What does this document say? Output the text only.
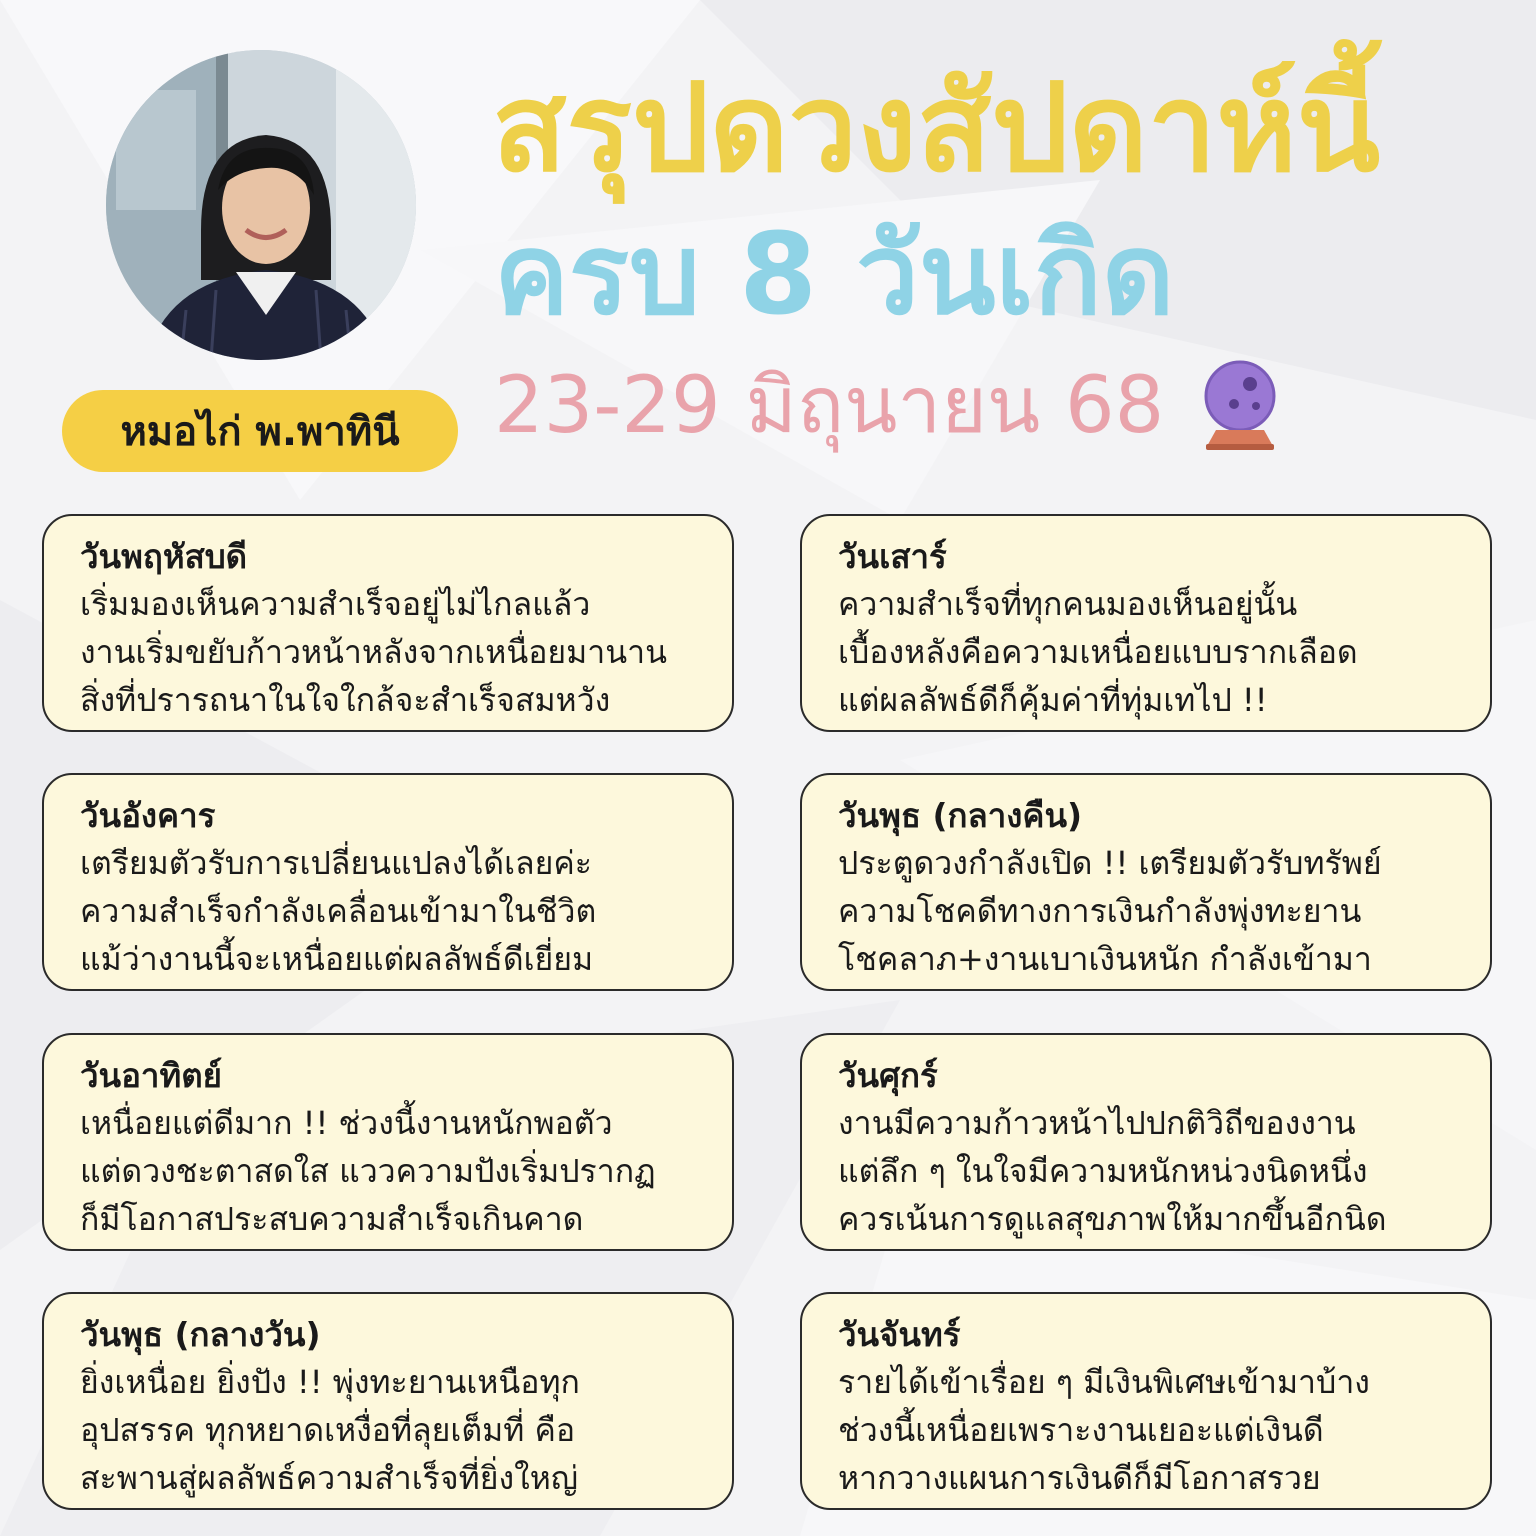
หมอไก่ พ.พาทินี
สรุปดวงสัปดาห์นี้
ครบ 8 วันเกิด
23-29 มิถุนายน 68
วันพฤหัสบดี
เริ่มมองเห็นความสำเร็จอยู่ไม่ไกลแล้ว
งานเริ่มขยับก้าวหน้าหลังจากเหนื่อยมานาน
สิ่งที่ปรารถนาในใจใกล้จะสำเร็จสมหวัง
วันเสาร์
ความสำเร็จที่ทุกคนมองเห็นอยู่นั้น
เบื้องหลังคือความเหนื่อยแบบรากเลือด
แต่ผลลัพธ์ดีก็คุ้มค่าที่ทุ่มเทไป !!
วันอังคาร
เตรียมตัวรับการเปลี่ยนแปลงได้เลยค่ะ
ความสำเร็จกำลังเคลื่อนเข้ามาในชีวิต
แม้ว่างานนี้จะเหนื่อยแต่ผลลัพธ์ดีเยี่ยม
วันพุธ (กลางคืน)
ประตูดวงกำลังเปิด !! เตรียมตัวรับทรัพย์
ความโชคดีทางการเงินกำลังพุ่งทะยาน
โชคลาภ+งานเบาเงินหนัก กำลังเข้ามา
วันอาทิตย์
เหนื่อยแต่ดีมาก !! ช่วงนี้งานหนักพอตัว
แต่ดวงชะตาสดใส แววความปังเริ่มปรากฏ
ก็มีโอกาสประสบความสำเร็จเกินคาด
วันศุกร์
งานมีความก้าวหน้าไปปกติวิถีของงาน
แต่ลึก ๆ ในใจมีความหนักหน่วงนิดหนึ่ง
ควรเน้นการดูแลสุขภาพให้มากขึ้นอีกนิด
วันพุธ (กลางวัน)
ยิ่งเหนื่อย ยิ่งปัง !! พุ่งทะยานเหนือทุก
อุปสรรค ทุกหยาดเหงื่อที่ลุยเต็มที่ คือ
สะพานสู่ผลลัพธ์ความสำเร็จที่ยิ่งใหญ่
วันจันทร์
รายได้เข้าเรื่อย ๆ มีเงินพิเศษเข้ามาบ้าง
ช่วงนี้เหนื่อยเพราะงานเยอะแต่เงินดี
หากวางแผนการเงินดีก็มีโอกาสรวย
